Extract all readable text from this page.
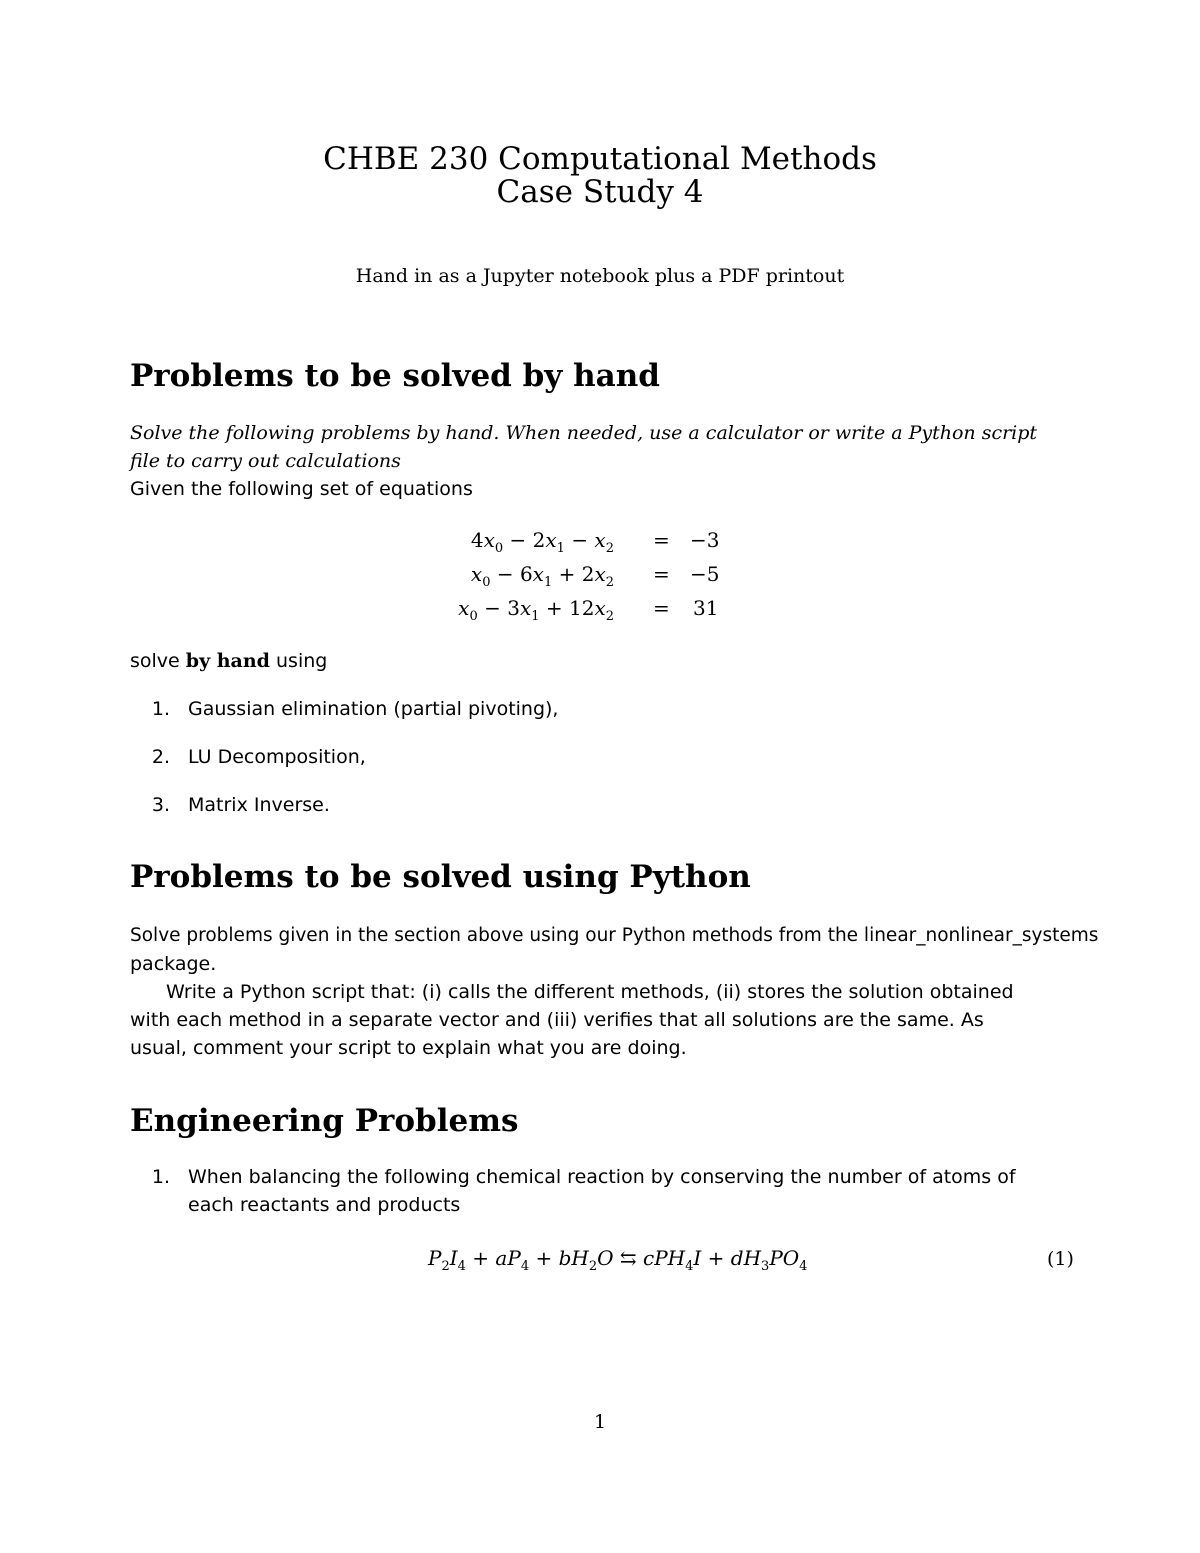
CHBE 230 Computational Methods
Case Study 4
Hand in as a Jupyter notebook plus a PDF printout
Problems to be solved by hand
Solve the following problems by hand. When needed, use a calculator or write a Python script
file to carry out calculations
Given the following set of equations
$4x_0 - 2x_1 - x_2 = -3$
$x_0 - 6x_1 + 2x_2 = -5$
$x_0 - 3x_1 + 12x_2 = 31$
solve by hand using
1. Gaussian elimination (partial pivoting),
2. LU Decomposition,
3. Matrix Inverse.
Problems to be solved using Python
Solve problems given in the section above using our Python methods from the linear_nonlinear_systems
package.
Write a Python script that: (i) calls the different methods, (ii) stores the solution obtained
with each method in a separate vector and (iii) verifies that all solutions are the same. As
usual, comment your script to explain what you are doing.
Engineering Problems
1. When balancing the following chemical reaction by conserving the number of atoms of
each reactants and products
$P_2I_4 + aP_4 + bH_2O$ ⇆ $cPH_4I + dH_3PO_4$	(1)
1
